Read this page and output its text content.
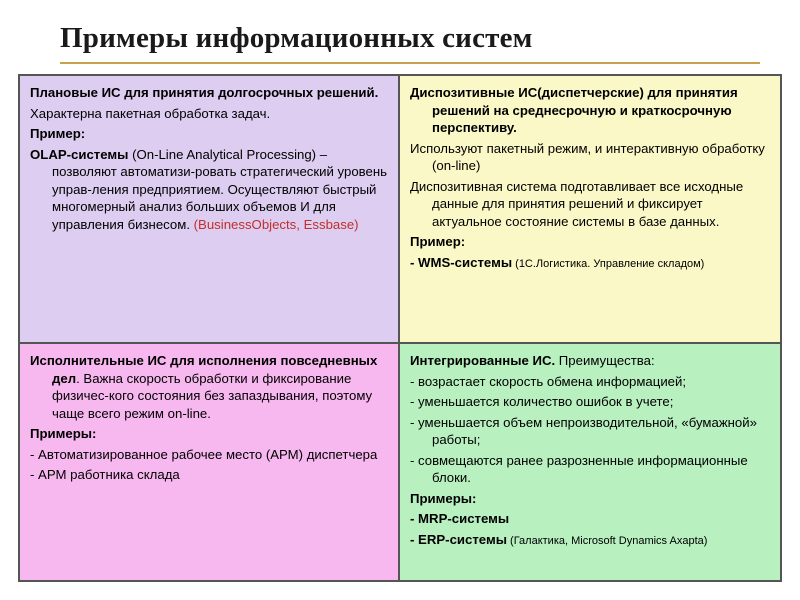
Примеры информационных систем

Плановые ИС для принятия долгосрочных решений.

Характерна пакетная обработка задач.

Пример:

OLAP-системы (On-Line Analytical Processing) – позволяют автоматизи-ровать стратегический уровень управ-ления предприятием. Осуществляют быстрый многомерный анализ больших объемов И для управления бизнесом. (BusinessObjects, Essbase)

Диспозитивные ИС(диспетчерские) для принятия решений на среднесрочную и краткосрочную перспективу.

Используют пакетный режим, и интерактивную обработку (on-line)

Диспозитивная система подготавливает все исходные данные для принятия решений и фиксирует актуальное состояние системы в базе данных.

Пример:

- WMS-системы (1С.Логистика. Управление складом)

Исполнительные ИС для исполнения повседневных дел. Важна скорость обработки и фиксирование физичес-кого состояния без запаздывания, поэтому чаще всего режим on-line.

Примеры:

- Автоматизированное рабочее место (АРМ) диспетчера

- АРМ работника склада

Интегрированные ИС. Преимущества:

- возрастает скорость обмена информацией;

- уменьшается количество ошибок в учете;

- уменьшается объем непроизводительной, «бумажной» работы;

- совмещаются ранее разрозненные информационные блоки.

Примеры:

- MRP-системы

- ERP-системы (Галактика, Microsoft Dynamics Axapta)
